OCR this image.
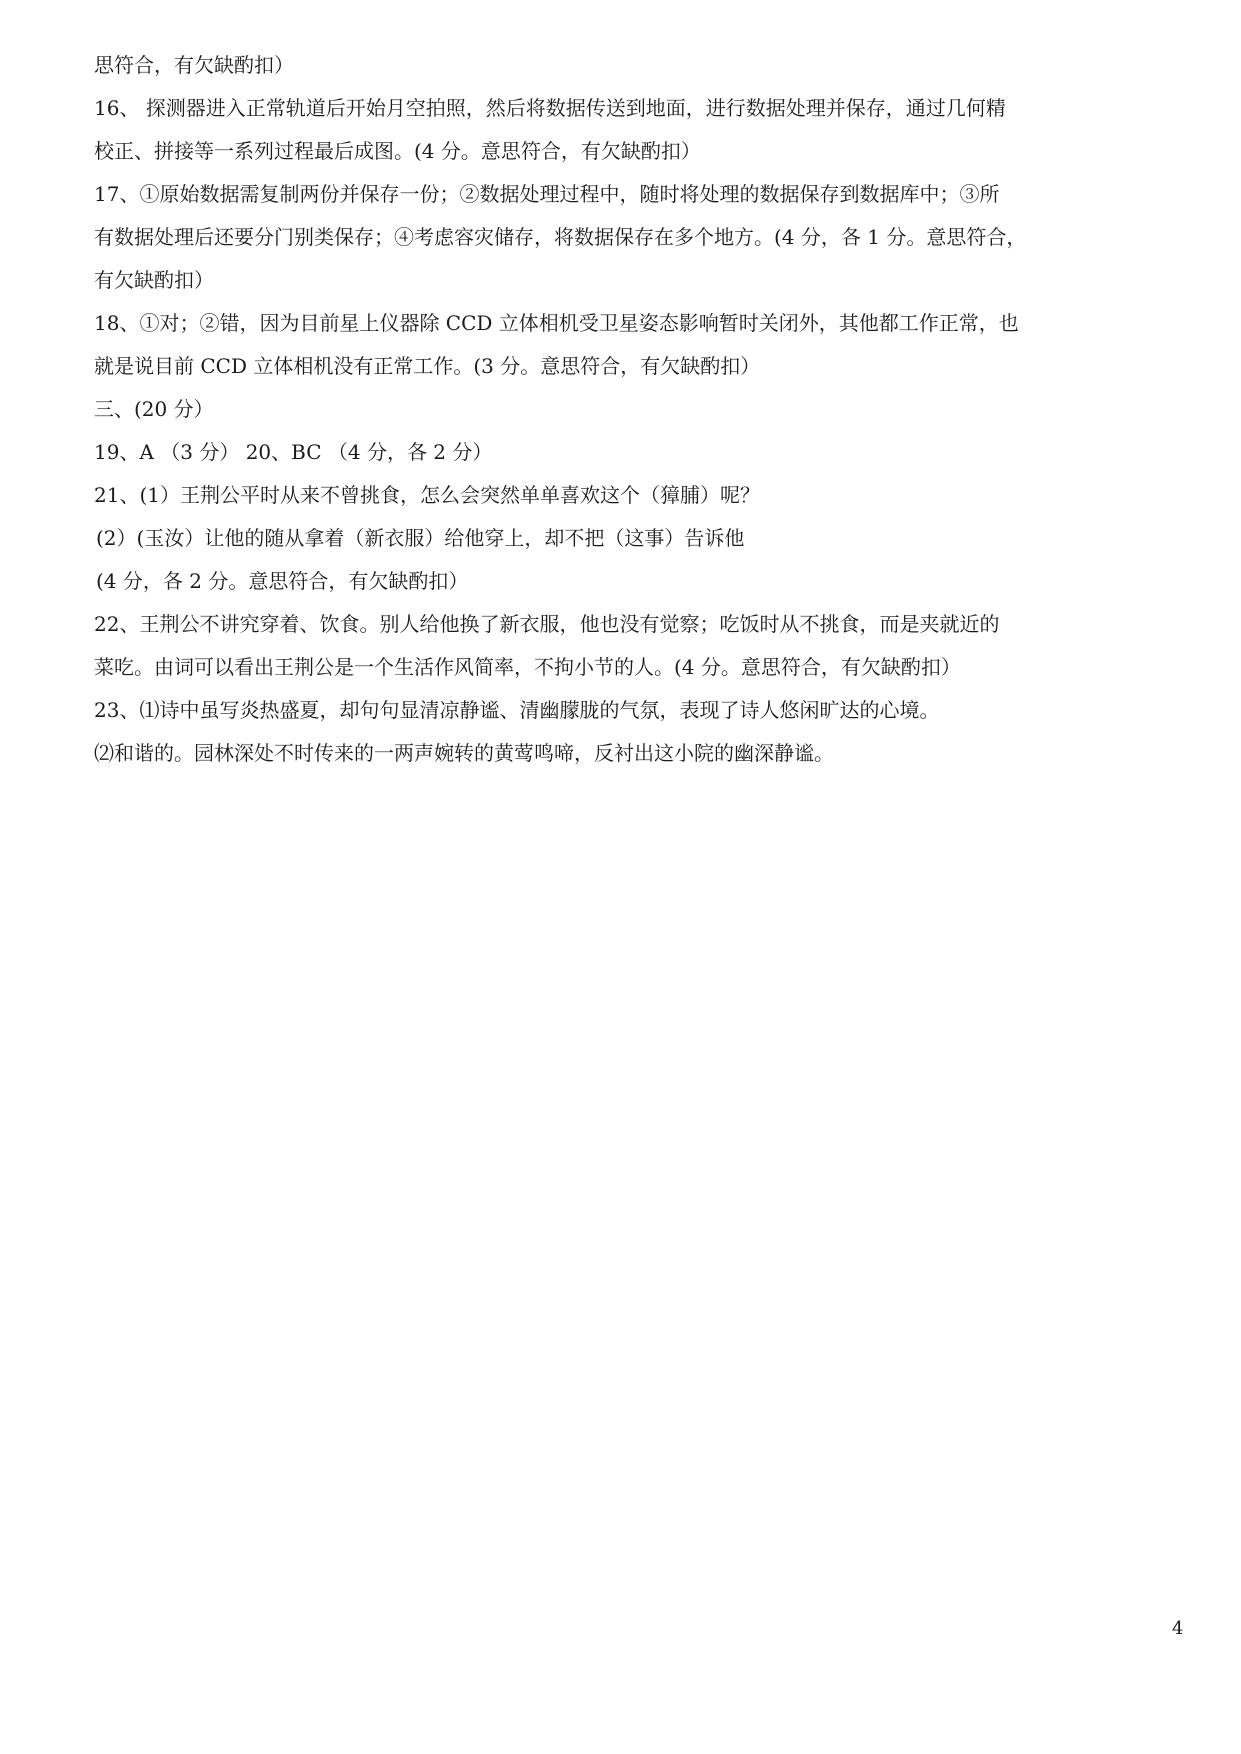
思符合，有欠缺酌扣）
16、 探测器进入正常轨道后开始月空拍照，然后将数据传送到地面，进行数据处理并保存，通过几何精
校正、拼接等一系列过程最后成图。(4 分。意思符合，有欠缺酌扣）
17、①原始数据需复制两份并保存一份；②数据处理过程中，随时将处理的数据保存到数据库中；③所
有数据处理后还要分门别类保存；④考虑容灾储存，将数据保存在多个地方。(4 分，各 1 分。意思符合，
有欠缺酌扣）
18、①对；②错，因为目前星上仪器除 CCD 立体相机受卫星姿态影响暂时关闭外，其他都工作正常，也
就是说目前 CCD 立体相机没有正常工作。(3 分。意思符合，有欠缺酌扣）
三、(20 分）
19、A （3 分） 20、BC （4 分，各 2 分）
21、(1）王荆公平时从来不曾挑食，怎么会突然单单喜欢这个（獐脯）呢？
(2）(玉汝）让他的随从拿着（新衣服）给他穿上，却不把（这事）告诉他
(4 分，各 2 分。意思符合，有欠缺酌扣）
22、王荆公不讲究穿着、饮食。别人给他换了新衣服，他也没有觉察；吃饭时从不挑食，而是夹就近的
菜吃。由词可以看出王荆公是一个生活作风简率，不拘小节的人。(4 分。意思符合，有欠缺酌扣）
23、⑴诗中虽写炎热盛夏，却句句显清凉静谧、清幽朦胧的气氛，表现了诗人悠闲旷达的心境。
⑵和谐的。园林深处不时传来的一两声婉转的黄莺鸣啼，反衬出这小院的幽深静谧。
4
